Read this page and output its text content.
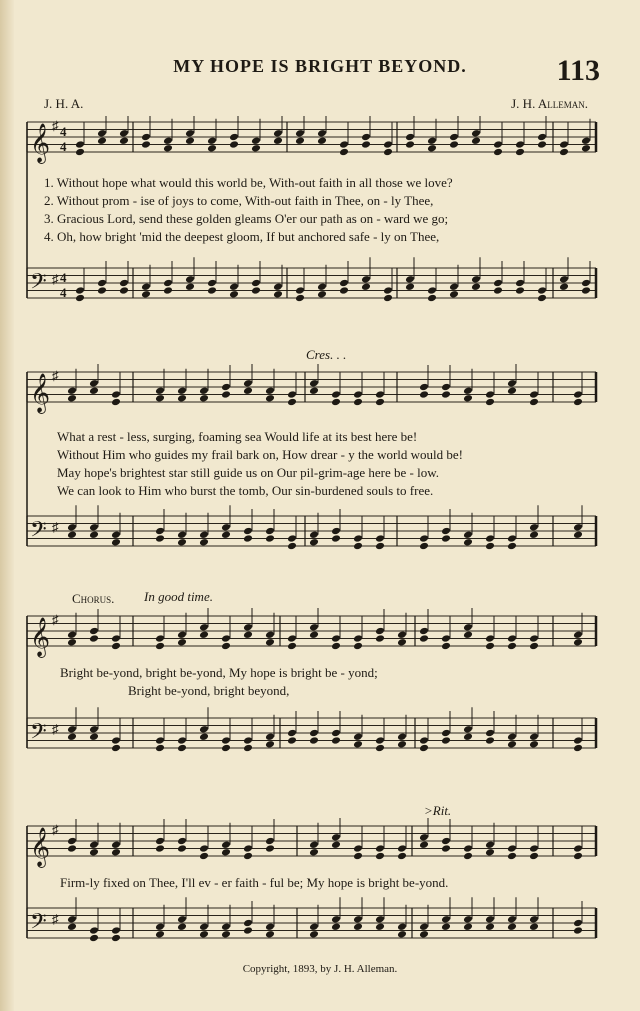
MY HOPE IS BRIGHT BEYOND.	113
J. H. A.	J. H. Alleman.
𝄞
𝄢
♯
♯
4
4
4
4
1. Without hope what would this world be, With-out faith in all those we love?
2. Without prom - ise of joys to come, With-out faith in Thee, on - ly Thee,
3. Gracious Lord, send these golden gleams O'er our path as on - ward we go;
4. Oh, how bright 'mid the deepest gloom, If but anchored safe - ly on Thee,
Cres. . .
𝄞
𝄢
♯
♯
What a rest - less, surging, foaming sea Would life at its best here be!
Without Him who guides my frail bark on, How drear - y the world would be!
May hope's brightest star still guide us on Our pil-grim-age here be - low.
We can look to Him who burst the tomb, Our sin-burdened souls to free.
Chorus. In good time.
𝄞
𝄢
♯
♯
Bright be-yond, bright be-yond, My hope is bright be - yond;
Bright be-yond, bright beyond,
>Rit.
𝄞
𝄢
♯
♯
Firm-ly fixed on Thee, I'll ev - er faith - ful be; My hope is bright be-yond.
Copyright, 1893, by J. H. Alleman.
